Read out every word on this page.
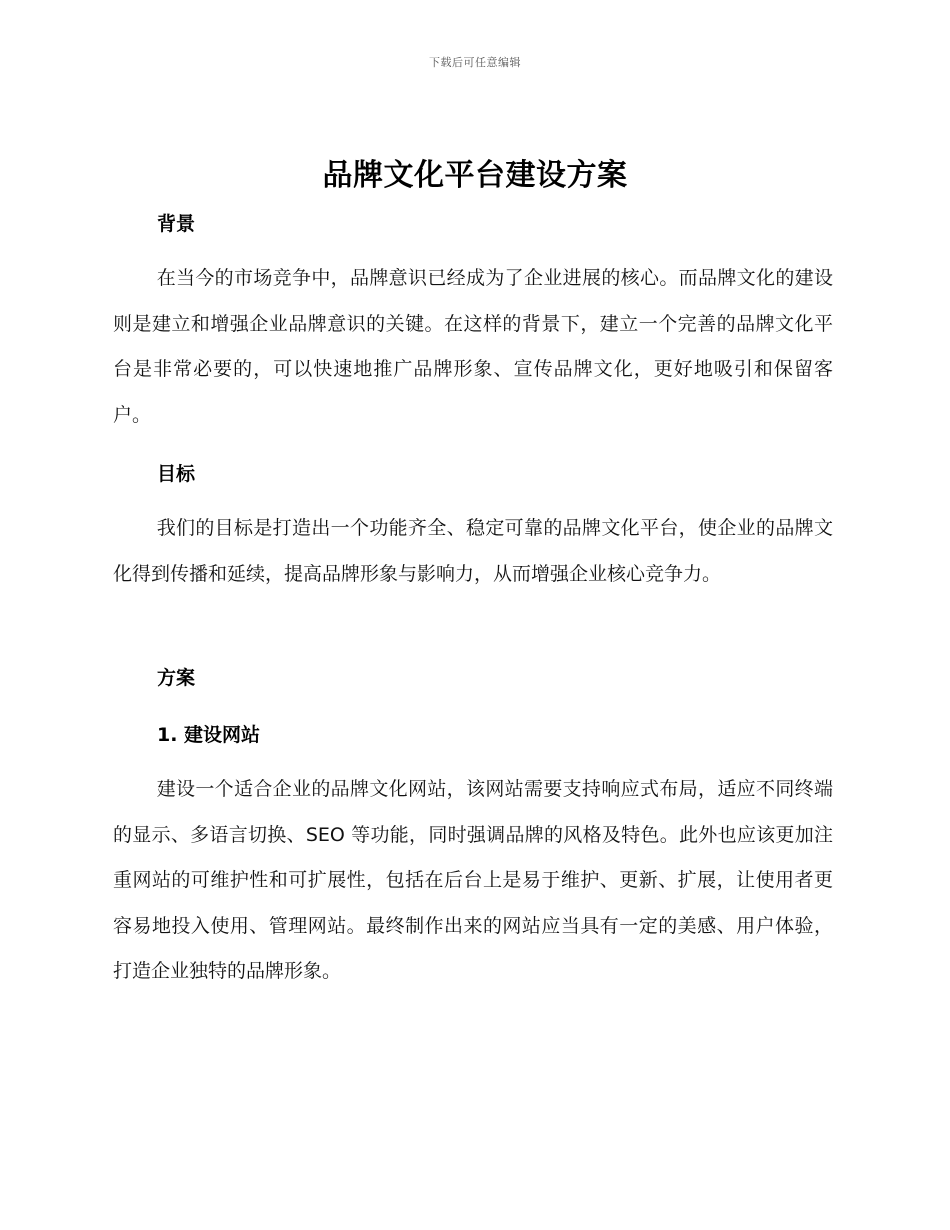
下载后可任意编辑
品牌文化平台建设方案
背景

在当今的市场竞争中，品牌意识已经成为了企业进展的核心。而品牌文化的建设则是建立和增强企业品牌意识的关键。在这样的背景下，建立一个完善的品牌文化平台是非常必要的，可以快速地推广品牌形象、宣传品牌文化，更好地吸引和保留客户。

目标

我们的目标是打造出一个功能齐全、稳定可靠的品牌文化平台，使企业的品牌文化得到传播和延续，提高品牌形象与影响力，从而增强企业核心竞争力。

方案
1. 建设网站

建设一个适合企业的品牌文化网站，该网站需要支持响应式布局，适应不同终端的显示、多语言切换、SEO 等功能，同时强调品牌的风格及特色。此外也应该更加注重网站的可维护性和可扩展性，包括在后台上是易于维护、更新、扩展，让使用者更容易地投入使用、管理网站。最终制作出来的网站应当具有一定的美感、用户体验，打造企业独特的品牌形象。
